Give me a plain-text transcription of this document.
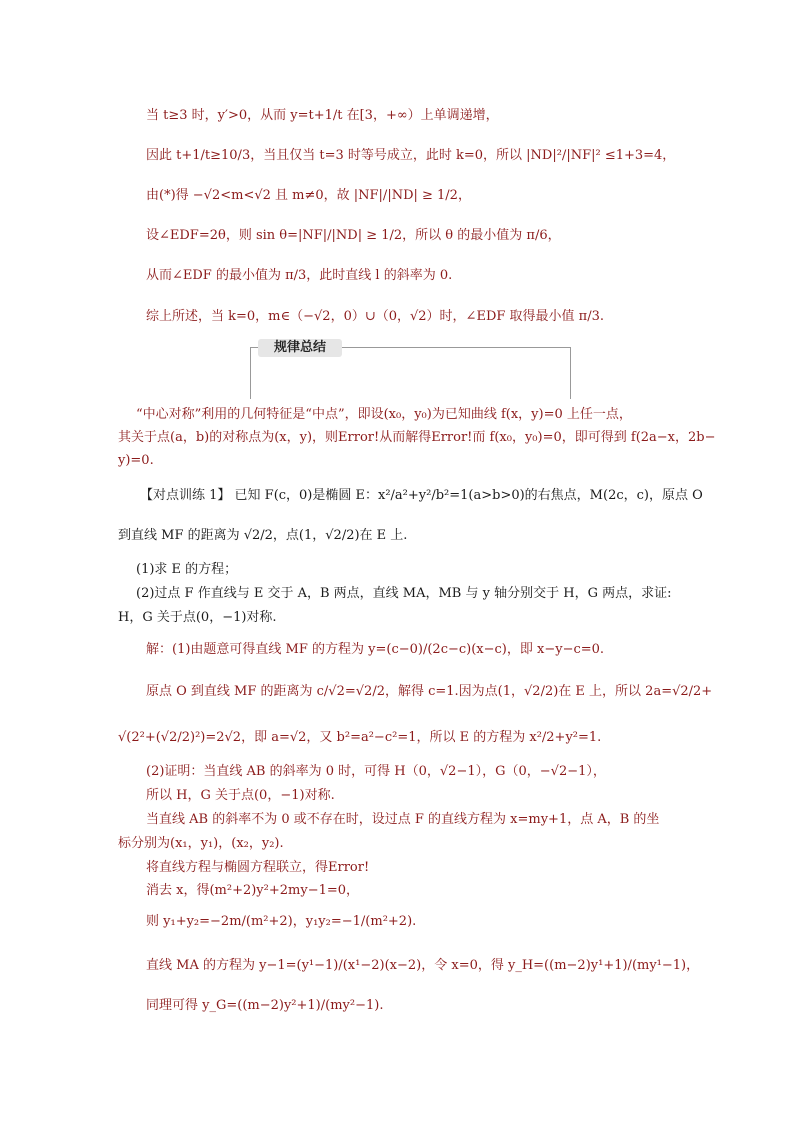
当 t≥3 时，y′>0，从而 y=t+1/t 在[3，+∞）上单调递增，
因此 t+1/t≥10/3，当且仅当 t=3 时等号成立，此时 k=0，所以 |ND|²/|NF|² ≤1+3=4，
由(*)得 −√2<m<√2 且 m≠0，故 |NF|/|ND| ≥ 1/2，
设∠EDF=2θ，则 sin θ=|NF|/|ND| ≥ 1/2，所以 θ 的最小值为 π/6，
从而∠EDF 的最小值为 π/3，此时直线 l 的斜率为 0.
综上所述，当 k=0，m∈（−√2，0）∪（0，√2）时，∠EDF 取得最小值 π/3.
规律总结
“中心对称”利用的几何特征是“中点”，即设(x₀，y₀)为已知曲线 f(x，y)=0 上任一点，
其关于点(a，b)的对称点为(x，y)，则Error!从而解得Error!而 f(x₀，y₀)=0，即可得到 f(2a−x，2b−
y)=0.
【对点训练 1】 已知 F(c，0)是椭圆 E：x²/a²+y²/b²=1(a>b>0)的右焦点，M(2c，c)，原点 O
到直线 MF 的距离为 √2/2，点(1，√2/2)在 E 上.
(1)求 E 的方程；
(2)过点 F 作直线与 E 交于 A，B 两点，直线 MA，MB 与 y 轴分别交于 H，G 两点，求证:
H，G 关于点(0，−1)对称.
解：(1)由题意可得直线 MF 的方程为 y=(c−0)/(2c−c)(x−c)，即 x−y−c=0.
原点 O 到直线 MF 的距离为 c/√2=√2/2，解得 c=1.因为点(1，√2/2)在 E 上，所以 2a=√2/2+
√(2²+(√2/2)²)=2√2，即 a=√2，又 b²=a²−c²=1，所以 E 的方程为 x²/2+y²=1.
(2)证明：当直线 AB 的斜率为 0 时，可得 H（0，√2−1），G（0，−√2−1），
所以 H，G 关于点(0，−1)对称.
当直线 AB 的斜率不为 0 或不存在时，设过点 F 的直线方程为 x=my+1，点 A，B 的坐
标分别为(x₁，y₁)，(x₂，y₂).
将直线方程与椭圆方程联立，得Error!
消去 x，得(m²+2)y²+2my−1=0，
则 y₁+y₂=−2m/(m²+2)，y₁y₂=−1/(m²+2).
直线 MA 的方程为 y−1=(y¹−1)/(x¹−2)(x−2)，令 x=0，得 y_H=((m−2)y¹+1)/(my¹−1)，
同理可得 y_G=((m−2)y²+1)/(my²−1).
